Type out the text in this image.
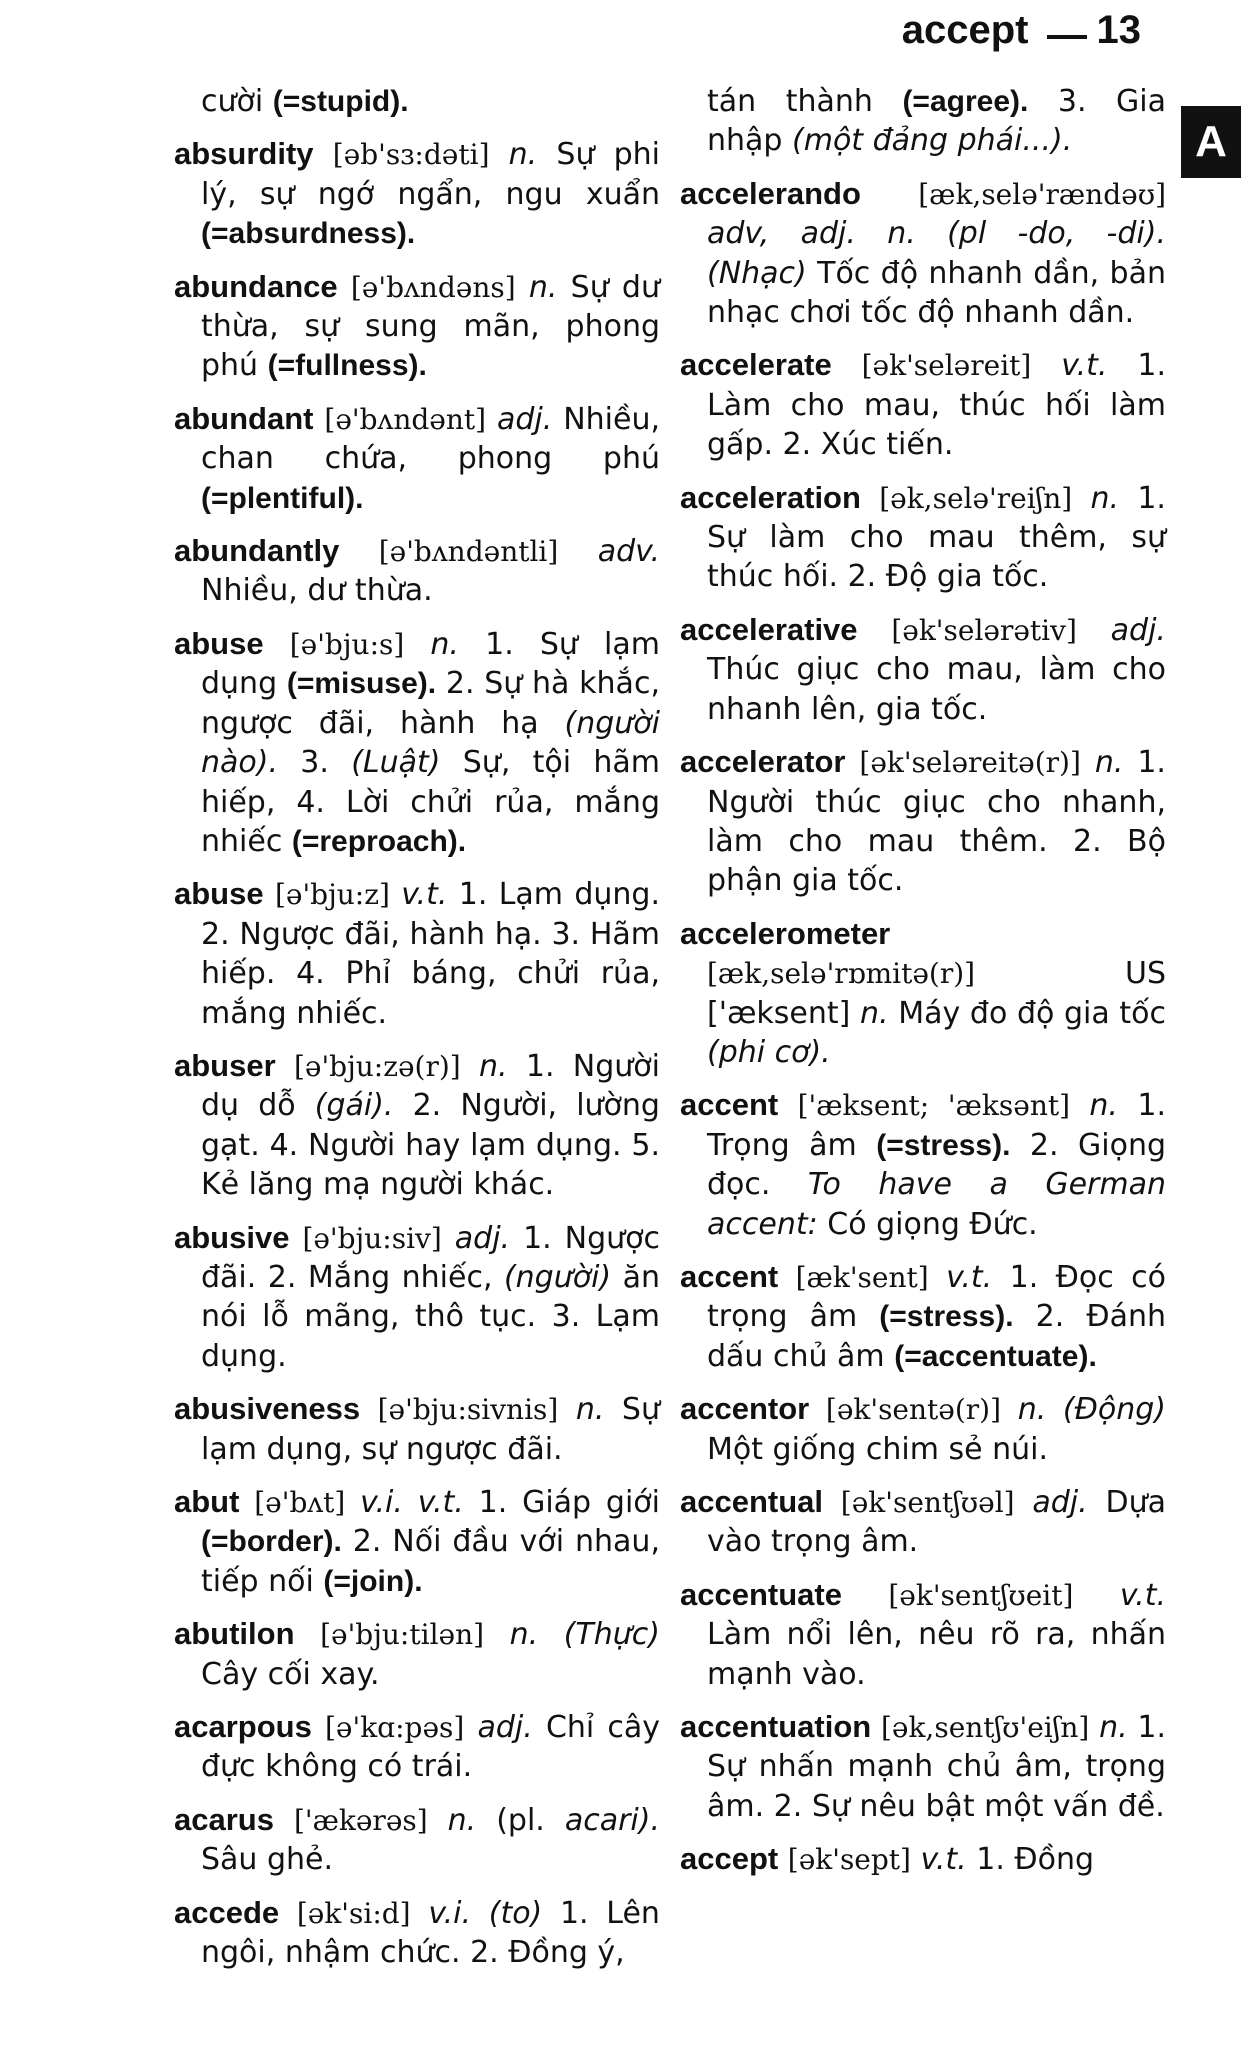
accept 13
A

cười (=stupid).

absurdity [əb'sɜ:dəti] n. Sự phi lý, sự ngớ ngẩn, ngu xuẩn (=absurdness).

abundance [ə'bʌndəns] n. Sự dư thừa, sự sung mãn, phong phú (=fullness).

abundant [ə'bʌndənt] adj. Nhiều, chan chứa, phong phú (=plentiful).

abundantly [ə'bʌndəntli] adv. Nhiều, dư thừa.

abuse [ə'bju:s] n. 1. Sự lạm dụng (=misuse). 2. Sự hà khắc, ngược đãi, hành hạ (người nào). 3. (Luật) Sự, tội hãm hiếp, 4. Lời chửi rủa, mắng nhiếc (=reproach).

abuse [ə'bju:z] v.t. 1. Lạm dụng. 2. Ngược đãi, hành hạ. 3. Hãm hiếp. 4. Phỉ báng, chửi rủa, mắng nhiếc.

abuser [ə'bju:zə(r)] n. 1. Người dụ dỗ (gái). 2. Người, lường gạt. 4. Người hay lạm dụng. 5. Kẻ lăng mạ người khác.

abusive [ə'bju:siv] adj. 1. Ngược đãi. 2. Mắng nhiếc, (người) ăn nói lỗ mãng, thô tục. 3. Lạm dụng.

abusiveness [ə'bju:sivnis] n. Sự lạm dụng, sự ngược đãi.

abut [ə'bʌt] v.i. v.t. 1. Giáp giới (=border). 2. Nối đầu với nhau, tiếp nối (=join).

abutilon [ə'bju:tilən] n. (Thực) Cây cối xay.

acarpous [ə'kɑ:pəs] adj. Chỉ cây đực không có trái.

acarus ['ækərəs] n. (pl. acari). Sâu ghẻ.

accede [ək'si:d] v.i. (to) 1. Lên ngôi, nhậm chức. 2. Đồng ý,

tán thành (=agree). 3. Gia nhập (một đảng phái...).

accelerando [æk,selə'rændəʊ] adv, adj. n. (pl -do, -di). (Nhạc) Tốc độ nhanh dần, bản nhạc chơi tốc độ nhanh dần.

accelerate [ək'seləreit] v.t. 1. Làm cho mau, thúc hối làm gấp. 2. Xúc tiến.

acceleration [ək,selə'reiʃn] n. 1. Sự làm cho mau thêm, sự thúc hối. 2. Độ gia tốc.

accelerative [ək'selərətiv] adj. Thúc giục cho mau, làm cho nhanh lên, gia tốc.

accelerator [ək'seləreitə(r)] n. 1. Người thúc giục cho nhanh, làm cho mau thêm. 2. Bộ phận gia tốc.

accelerometer [æk,selə'rɒmitə(r)]	US ['æksent] n. Máy đo độ gia tốc (phi cơ).

accent ['æksent; 'æksənt] n. 1. Trọng âm (=stress). 2. Giọng đọc. To have a German accent: Có giọng Đức.

accent [æk'sent] v.t. 1. Đọc có trọng âm (=stress). 2. Đánh dấu chủ âm (=accentuate).

accentor [ək'sentə(r)] n. (Động) Một giống chim sẻ núi.

accentual [ək'sentʃʊəl] adj. Dựa vào trọng âm.

accentuate [ək'sentʃʊeit] v.t. Làm nổi lên, nêu rõ ra, nhấn mạnh vào.

accentuation [ək,sentʃʊ'eiʃn] n. 1. Sự nhấn mạnh chủ âm, trọng âm. 2. Sự nêu bật một vấn đề.

accept [ək'sept] v.t. 1. Đồng
